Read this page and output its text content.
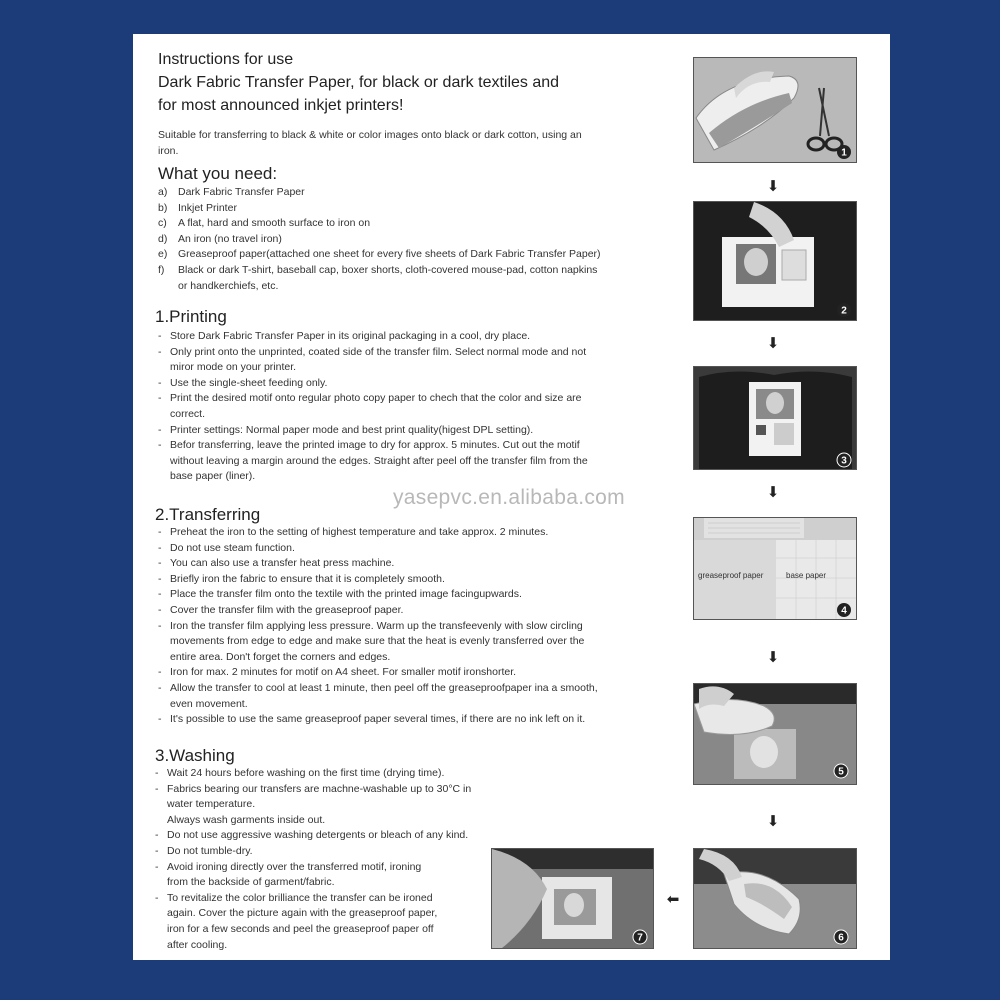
Instructions for use
Dark Fabric Transfer Paper, for black or dark textiles and
for most announced inkjet printers!
Suitable for transferring to black & white or color images onto black or dark cotton, using an
iron.
What you need:
a) Dark Fabric Transfer Paper
b) Inkjet Printer
c) A flat, hard and smooth surface to iron on
d) An iron (no travel iron)
e) Greaseproof paper(attached one sheet for every five sheets of Dark Fabric Transfer Paper)
f) Black or dark T-shirt, baseball cap, boxer shorts, cloth-covered mouse-pad, cotton napkins
or handkerchiefs, etc.
1.Printing
- Store Dark Fabric Transfer Paper in its original packaging in a cool, dry place.
- Only print onto the unprinted, coated side of the transfer film. Select normal mode and not
miror mode on your printer.
- Use the single-sheet feeding only.
- Print the desired motif onto regular photo copy paper to chech that the color and size are
correct.
- Printer settings: Normal paper mode and best print quality(higest DPL setting).
- Befor transferring, leave the printed image to dry for approx. 5 minutes. Cut out the motif
without leaving a margin around the edges. Straight after peel off the transfer film from the
base paper (liner).
2.Transferring
- Preheat the iron to the setting of highest temperature and take approx. 2 minutes.
- Do not use steam function.
- You can also use a transfer heat press machine.
- Briefly iron the fabric to ensure that it is completely smooth.
- Place the transfer film onto the textile with the printed image facingupwards.
- Cover the transfer film with the greaseproof paper.
- Iron the transfer film applying less pressure. Warm up the transfeevenly with slow circling
movements from edge to edge and make sure that the heat is evenly transferred over the
entire area. Don't forget the corners and edges.
- Iron for max. 2 minutes for motif on A4 sheet. For smaller motif ironshorter.
- Allow the transfer to cool at least 1 minute, then peel off the greaseproofpaper ina a smooth,
even movement.
- It's possible to use the same greaseproof paper several times, if there are no ink left on it.
3.Washing
- Wait 24 hours before washing on the first time (drying time).
- Fabrics bearing our transfers are machne-washable up to 30°C in water temperature.
Always wash garments inside out.
- Do not use aggressive washing detergents or bleach of any kind.
- Do not tumble-dry.
- Avoid ironing directly over the transferred motif, ironing
from the backside of garment/fabric.
- To revitalize the color brilliance the transfer can be ironed
again. Cover the picture again with the greaseproof paper,
iron for a few seconds and peel the greaseproof paper off
after cooling.
1
⬇
2
⬇
3
⬇
greaseproof paper	base paper
4
⬇
5
⬇
6
⬅
7
yasepvc.en.alibaba.com
